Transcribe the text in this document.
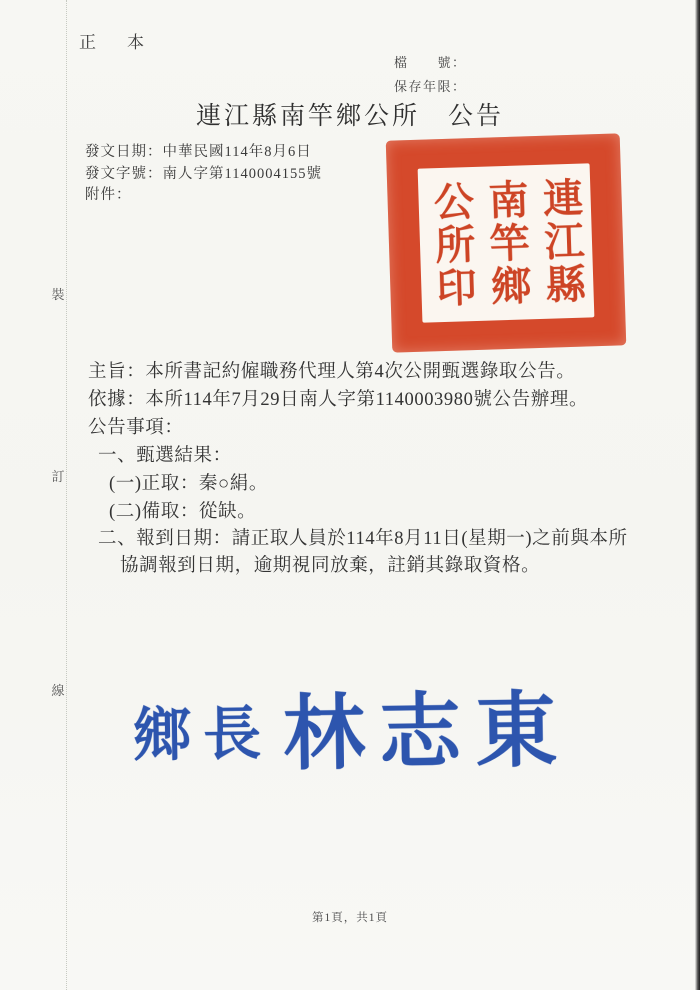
正　本
檔　　號：
保存年限：
連江縣南竿鄉公所　公告
發文日期：中華民國114年8月6日
發文字號：南人字第1140004155號
附件：	連江縣
南竿鄉
公所印
主旨：本所書記約僱職務代理人第4次公開甄選錄取公告。
依據：本所114年7月29日南人字第1140003980號公告辦理。
公告事項：
一、甄選結果：
(一)正取：秦○絹。
(二)備取：從缺。
二、報到日期：請正取人員於114年8月11日(星期一)之前與本所
協調報到日期，逾期視同放棄，註銷其錄取資格。
鄉長 林志東
裝
訂
線
第1頁，共1頁
